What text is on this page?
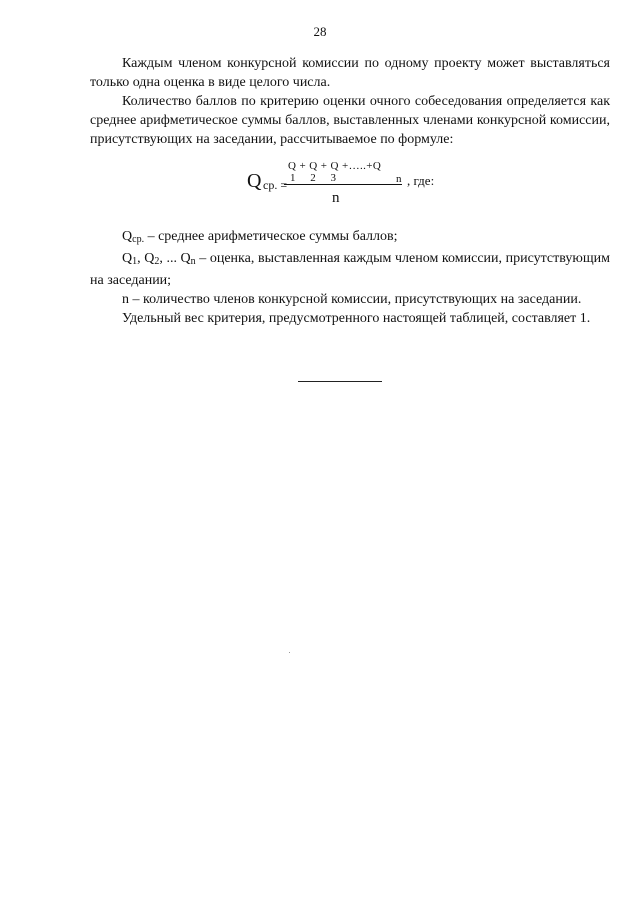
28

Каждым членом конкурсной комиссии по одному проекту может выставляться только одна оценка в виде целого числа.

Количество баллов по критерию оценки очного собеседования определяется как среднее арифметическое суммы баллов, выставленных членами конкурсной комиссии, присутствующих на заседании, рассчитываемое по формуле:

Q ср. =
Q + Q + Q +…..+Q
1 2 3	n , где:
n

$Q_{ср.}$ – среднее арифметическое суммы баллов;

$Q_1$, $Q_2$, ... $Q_n$ – оценка, выставленная каждым членом комиссии, присутствующим на заседании;

n – количество членов конкурсной комиссии, присутствующих на заседании.

Удельный вес критерия, предусмотренного настоящей таблицей, составляет 1.
